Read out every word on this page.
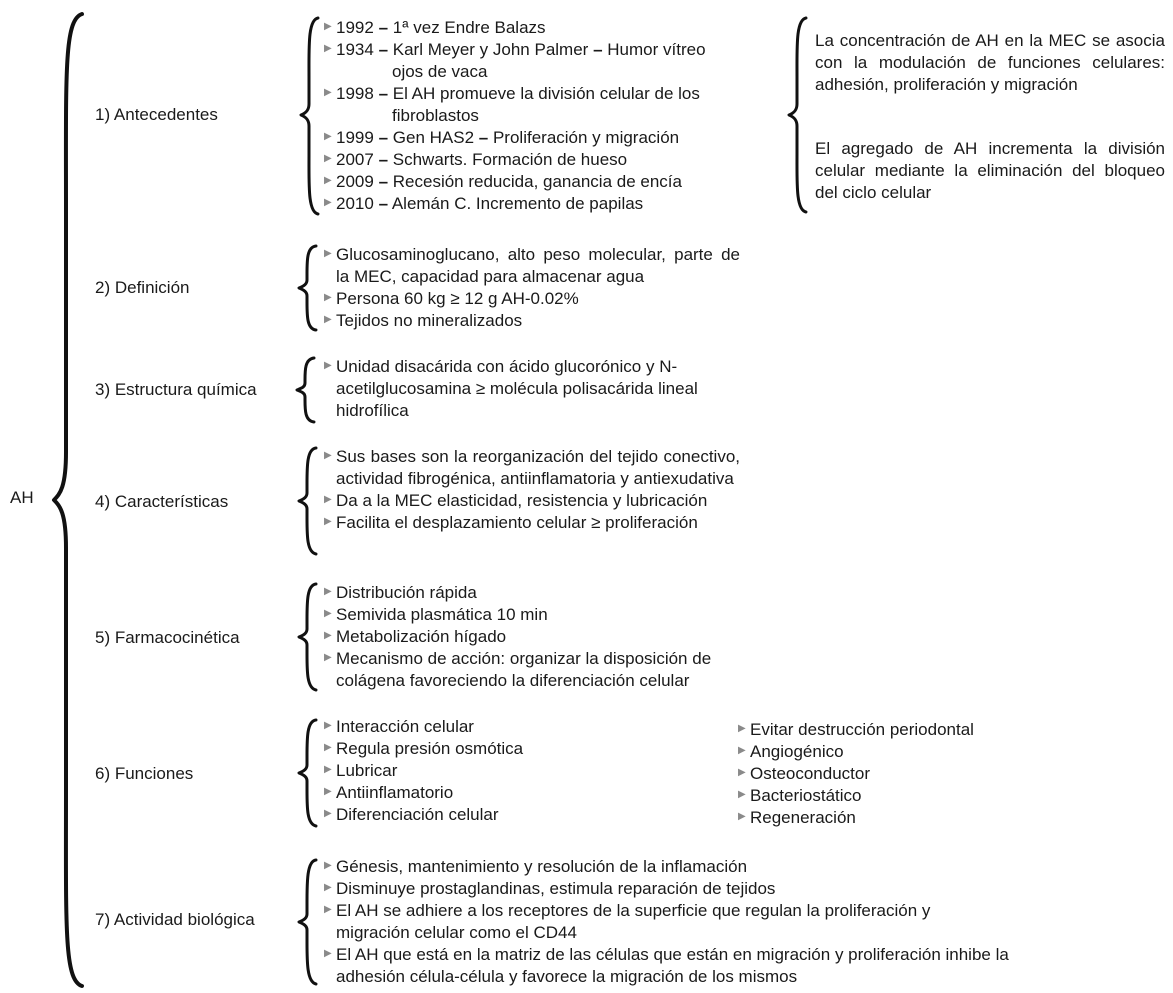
AH
1) Antecedentes
▶ 1992 – 1ª vez Endre Balazs
▶ 1934 – Karl Meyer y John Palmer – Humor vítreo
ojos de vaca
▶ 1998 – El AH promueve la división celular de los
fibroblastos
▶ 1999 – Gen HAS2 – Proliferación y migración
▶ 2007 – Schwarts. Formación de hueso
▶ 2009 – Recesión reducida, ganancia de encía
▶ 2010 – Alemán C. Incremento de papilas

La concentración de AH en la MEC se asocia con la modulación de funciones celulares: adhesión, proliferación y migración

El agregado de AH incrementa la división celular mediante la eliminación del bloqueo del ciclo celular

2) Definición
▶ Glucosaminoglucano, alto peso molecular, parte de la MEC, capacidad para almacenar agua
▶ Persona 60 kg ≥ 12 g AH-0.02%
▶ Tejidos no mineralizados
3) Estructura química
▶ Unidad disacárida con ácido glucorónico y N-acetilglucosamina ≥ molécula polisacárida lineal hidrofílica
4) Características
▶ Sus bases son la reorganización del tejido conectivo, actividad fibrogénica, antiinflamatoria y antiexudativa
▶ Da a la MEC elasticidad, resistencia y lubricación
▶ Facilita el desplazamiento celular ≥ proliferación
5) Farmacocinética
▶ Distribución rápida
▶ Semivida plasmática 10 min
▶ Metabolización hígado
▶ Mecanismo de acción: organizar la disposición de colágena favoreciendo la diferenciación celular
6) Funciones
▶ Interacción celular
▶ Regula presión osmótica
▶ Lubricar
▶ Antiinflamatorio
▶ Diferenciación celular
▶ Evitar destrucción periodontal
▶ Angiogénico
▶ Osteoconductor
▶ Bacteriostático
▶ Regeneración
7) Actividad biológica
▶ Génesis, mantenimiento y resolución de la inflamación
▶ Disminuye prostaglandinas, estimula reparación de tejidos
▶ El AH se adhiere a los receptores de la superficie que regulan la proliferación y migración celular como el CD44
▶ El AH que está en la matriz de las células que están en migración y proliferación inhibe la adhesión célula-célula y favorece la migración de los mismos
